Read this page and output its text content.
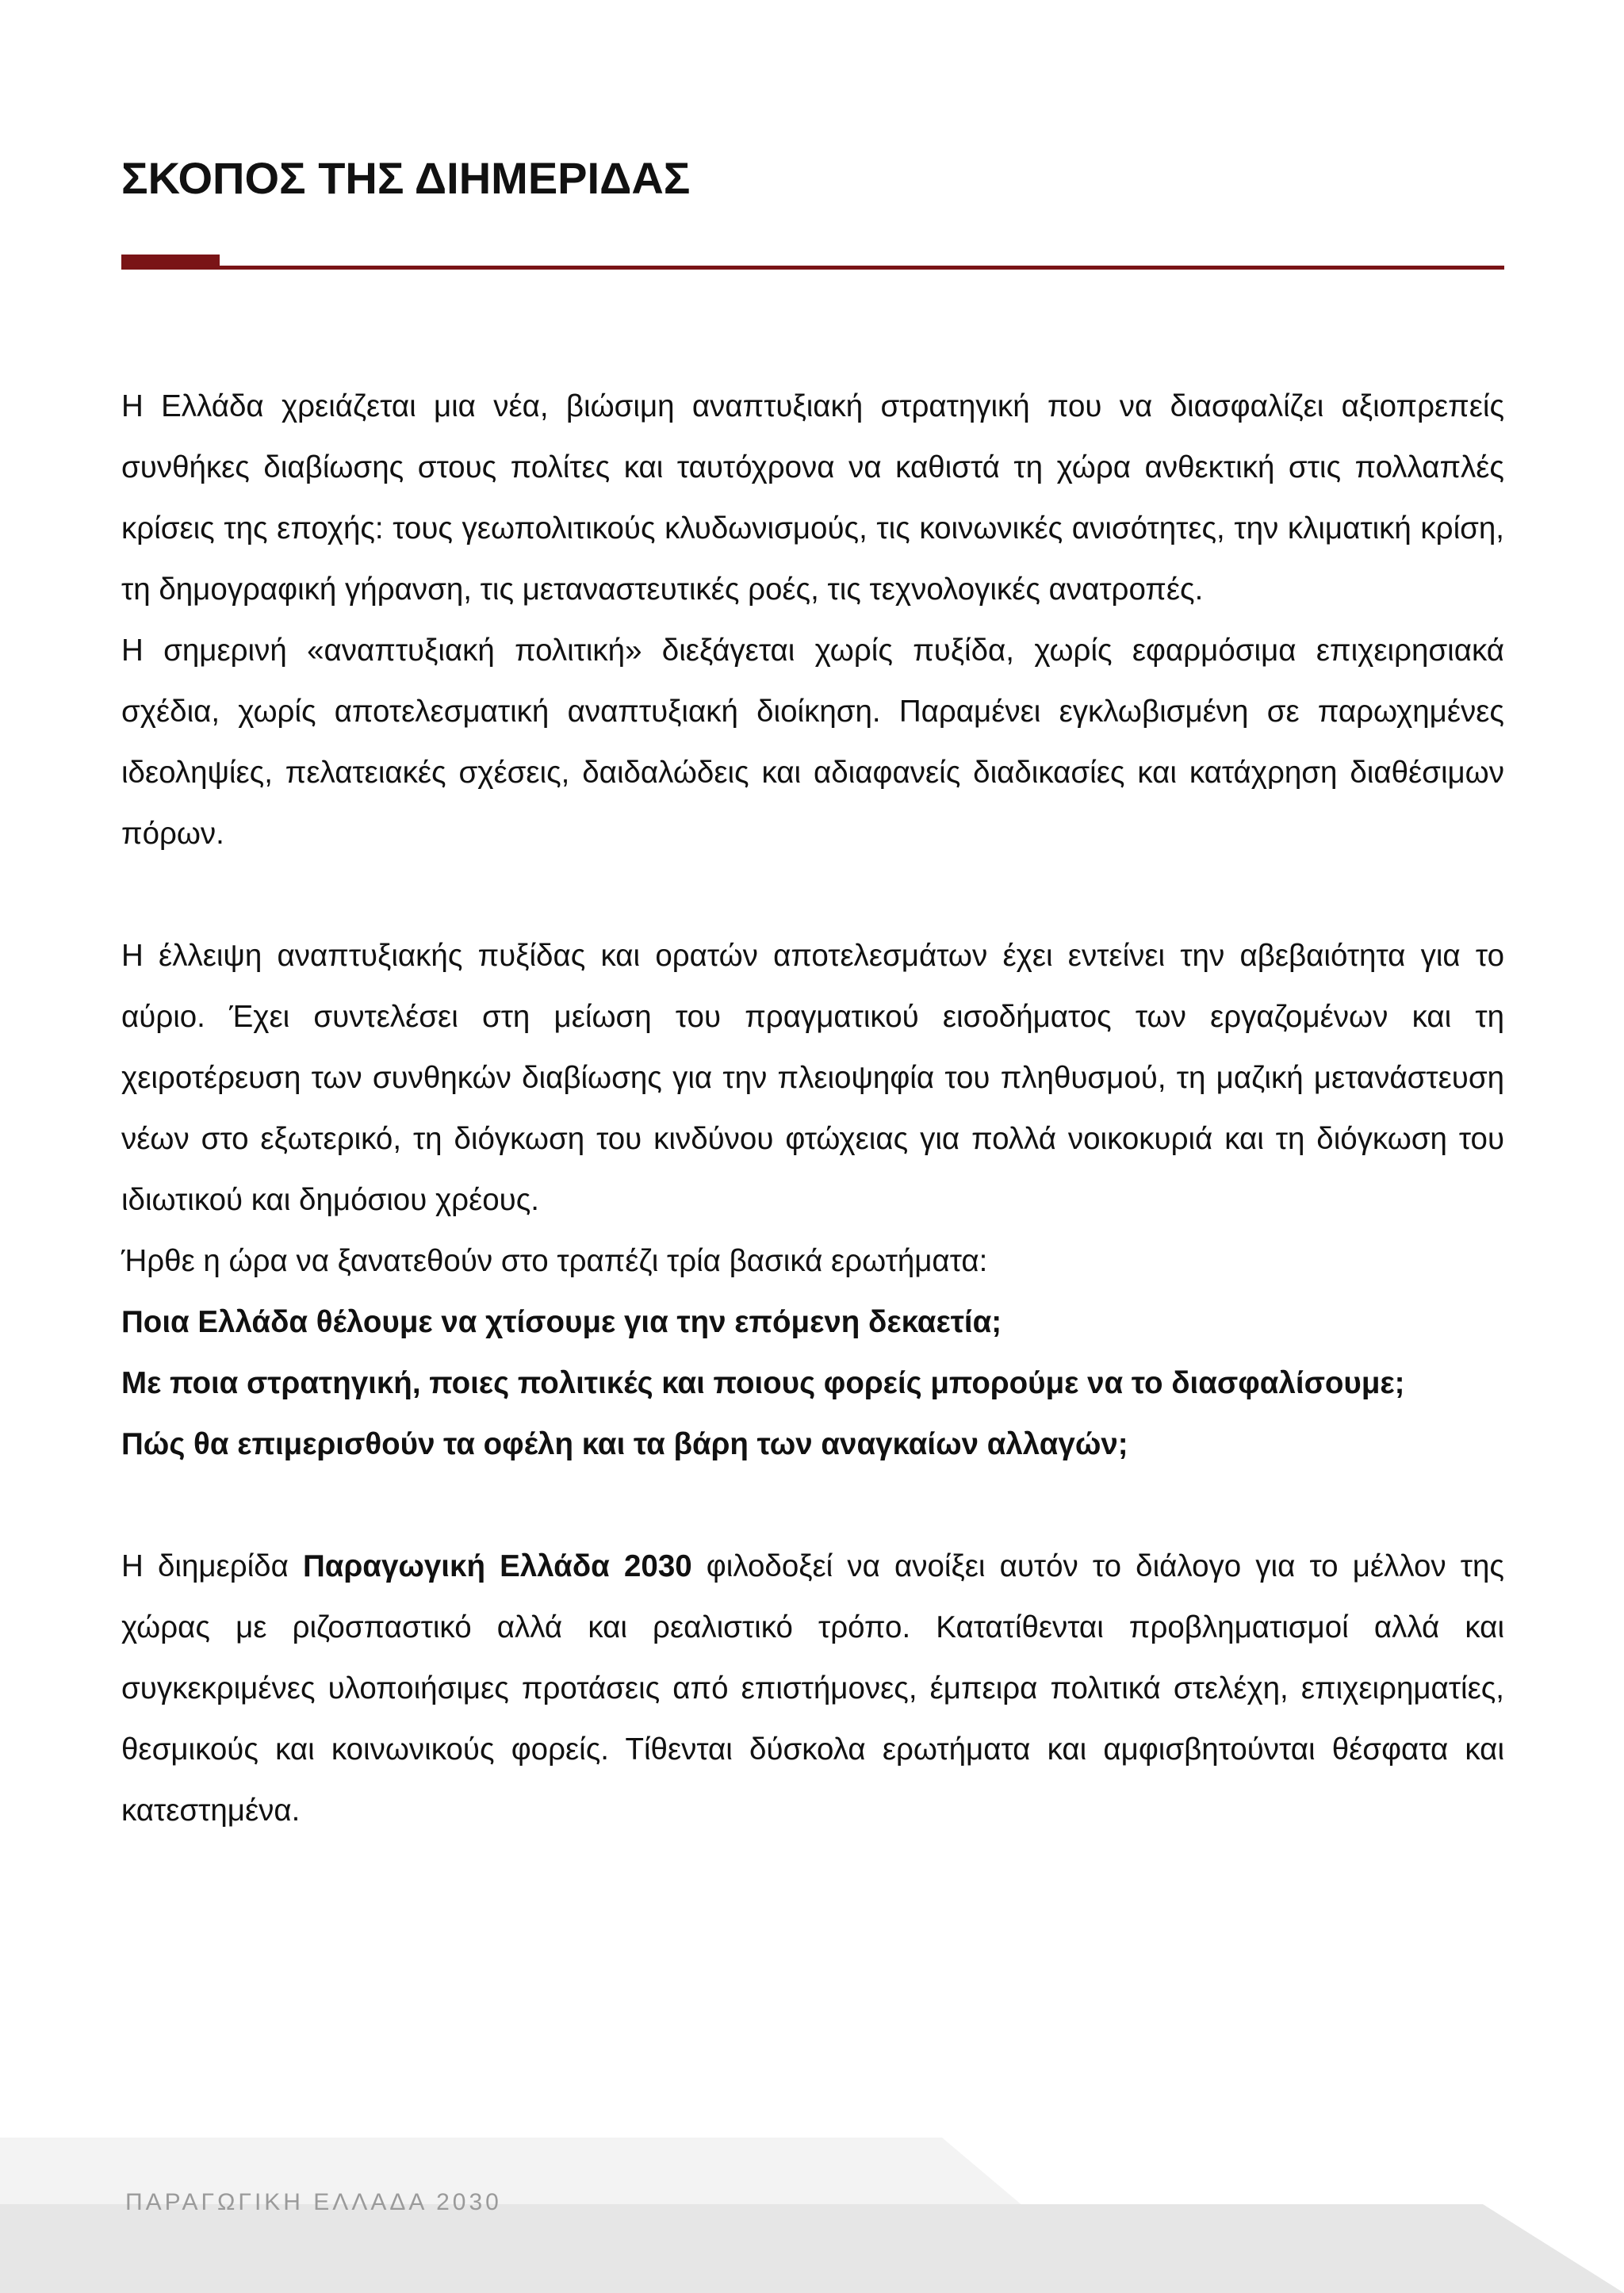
ΣΚΟΠΟΣ ΤΗΣ ΔΙΗΜΕΡΙΔΑΣ

Η Ελλάδα χρειάζεται μια νέα, βιώσιμη αναπτυξιακή στρατηγική που να διασφαλίζει αξιοπρεπείς συνθήκες διαβίωσης στους πολίτες και ταυτόχρονα να καθιστά τη χώρα ανθεκτική στις πολλαπλές κρίσεις της εποχής: τους γεωπολιτικούς κλυδωνισμούς, τις κοινωνικές ανισότητες, την κλιματική κρίση, τη δημογραφική γήρανση, τις μεταναστευτικές ροές, τις τεχνολογικές ανατροπές.

Η σημερινή «αναπτυξιακή πολιτική» διεξάγεται χωρίς πυξίδα, χωρίς εφαρμόσιμα επιχειρησιακά σχέδια, χωρίς αποτελεσματική αναπτυξιακή διοίκηση. Παραμένει εγκλωβισμένη σε παρωχημένες ιδεοληψίες, πελατειακές σχέσεις, δαιδαλώδεις και αδιαφανείς διαδικασίες και κατάχρηση διαθέσιμων πόρων.

Η έλλειψη αναπτυξιακής πυξίδας και ορατών αποτελεσμάτων έχει εντείνει την αβεβαιότητα για το αύριο. Έχει συντελέσει στη μείωση του πραγματικού εισοδήματος των εργαζομένων και τη χειροτέρευση των συνθηκών διαβίωσης για την πλειοψηφία του πληθυσμού, τη μαζική μετανάστευση νέων στο εξωτερικό, τη διόγκωση του κινδύνου φτώχειας για πολλά νοικοκυριά και τη διόγκωση του ιδιωτικού και δημόσιου χρέους.

Ήρθε η ώρα να ξανατεθούν στο τραπέζι τρία βασικά ερωτήματα:

Ποια Ελλάδα θέλουμε να χτίσουμε για την επόμενη δεκαετία;

Με ποια στρατηγική, ποιες πολιτικές και ποιους φορείς μπορούμε να το διασφαλίσουμε;

Πώς θα επιμερισθούν τα οφέλη και τα βάρη των αναγκαίων αλλαγών;

Η διημερίδα Παραγωγική Ελλάδα 2030 φιλοδοξεί να ανοίξει αυτόν το διάλογο για το μέλλον της χώρας με ριζοσπαστικό αλλά και ρεαλιστικό τρόπο. Κατατίθενται προβληματισμοί αλλά και συγκεκριμένες υλοποιήσιμες προτάσεις από επιστήμονες, έμπειρα πολιτικά στελέχη, επιχειρηματίες, θεσμικούς και κοινωνικούς φορείς. Τίθενται δύσκολα ερωτήματα και αμφισβητούνται θέσφατα και κατεστημένα.

ΠΑΡΑΓΩΓΙΚΗ ΕΛΛΑΔΑ 2030
